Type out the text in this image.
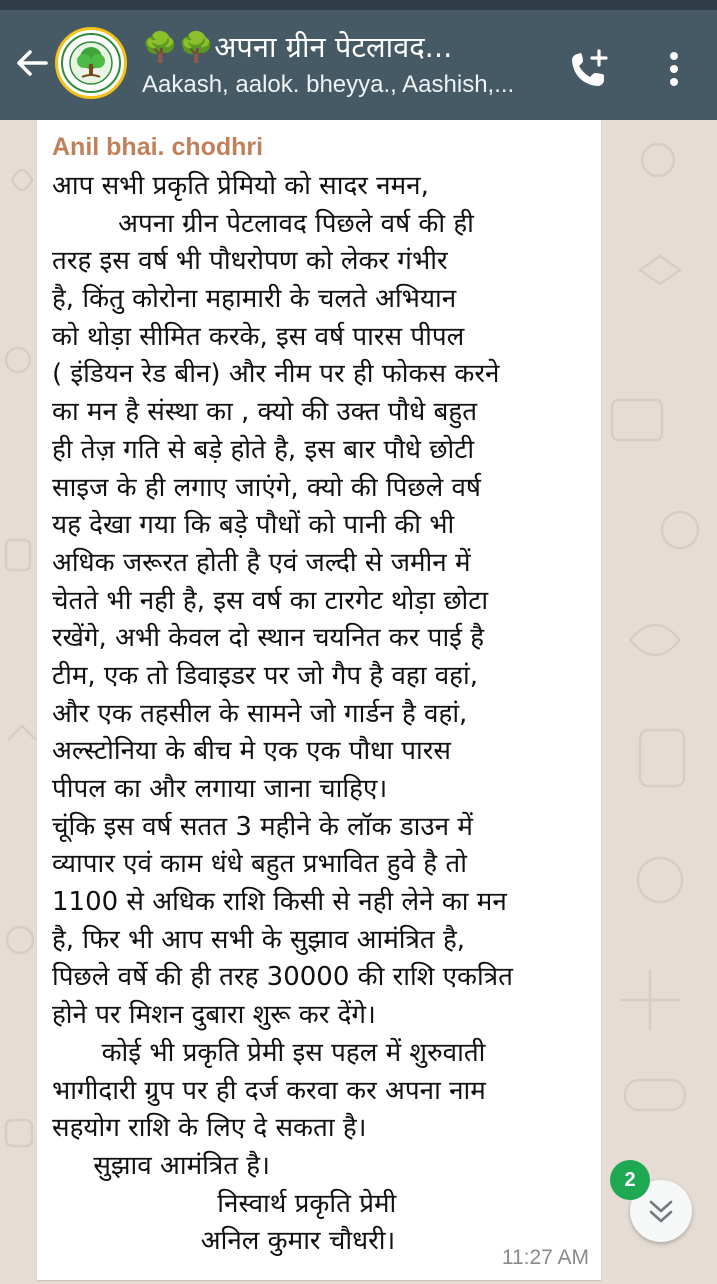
🌳🌳अपना ग्रीन पेटलावद...
Aakash, aalok. bheyya., Aashish,...
Anil bhai. chodhri
आप सभी प्रकृति प्रेमियो को सादर नमन,
अपना ग्रीन पेटलावद पिछले वर्ष की ही
तरह इस वर्ष भी पौधरोपण को लेकर गंभीर
है, किंतु कोरोना महामारी के चलते अभियान
को थोड़ा सीमित करके, इस वर्ष पारस पीपल
( इंडियन रेड बीन) और नीम पर ही फोकस करने
का मन है संस्था का , क्यो की उक्त पौधे बहुत
ही तेज़ गति से बड़े होते है, इस बार पौधे छोटी
साइज के ही लगाए जाएंगे, क्यो की पिछले वर्ष
यह देखा गया कि बड़े पौधों को पानी की भी
अधिक जरूरत होती है एवं जल्दी से जमीन में
चेतते भी नही है, इस वर्ष का टारगेट थोड़ा छोटा
रखेंगे, अभी केवल दो स्थान चयनित कर पाई है
टीम, एक तो डिवाइडर पर जो गैप है वहा वहां,
और एक तहसील के सामने जो गार्डन है वहां,
अल्स्टोनिया के बीच मे एक एक पौधा पारस
पीपल का और लगाया जाना चाहिए।
चूंकि इस वर्ष सतत 3 महीने के लॉक डाउन में
व्यापार एवं काम धंधे बहुत प्रभावित हुवे है तो
1100 से अधिक राशि किसी से नही लेने का मन
है, फिर भी आप सभी के सुझाव आमंत्रित है,
पिछले वर्षे की ही तरह 30000 की राशि एकत्रित
होने पर मिशन दुबारा शुरू कर देंगे।
कोई भी प्रकृति प्रेमी इस पहल में शुरुवाती
भागीदारी ग्रुप पर ही दर्ज करवा कर अपना नाम
सहयोग राशि के लिए दे सकता है।
सुझाव आमंत्रित है।
निस्वार्थ प्रकृति प्रेमी
अनिल कुमार चौधरी।
11:27 AM
2
